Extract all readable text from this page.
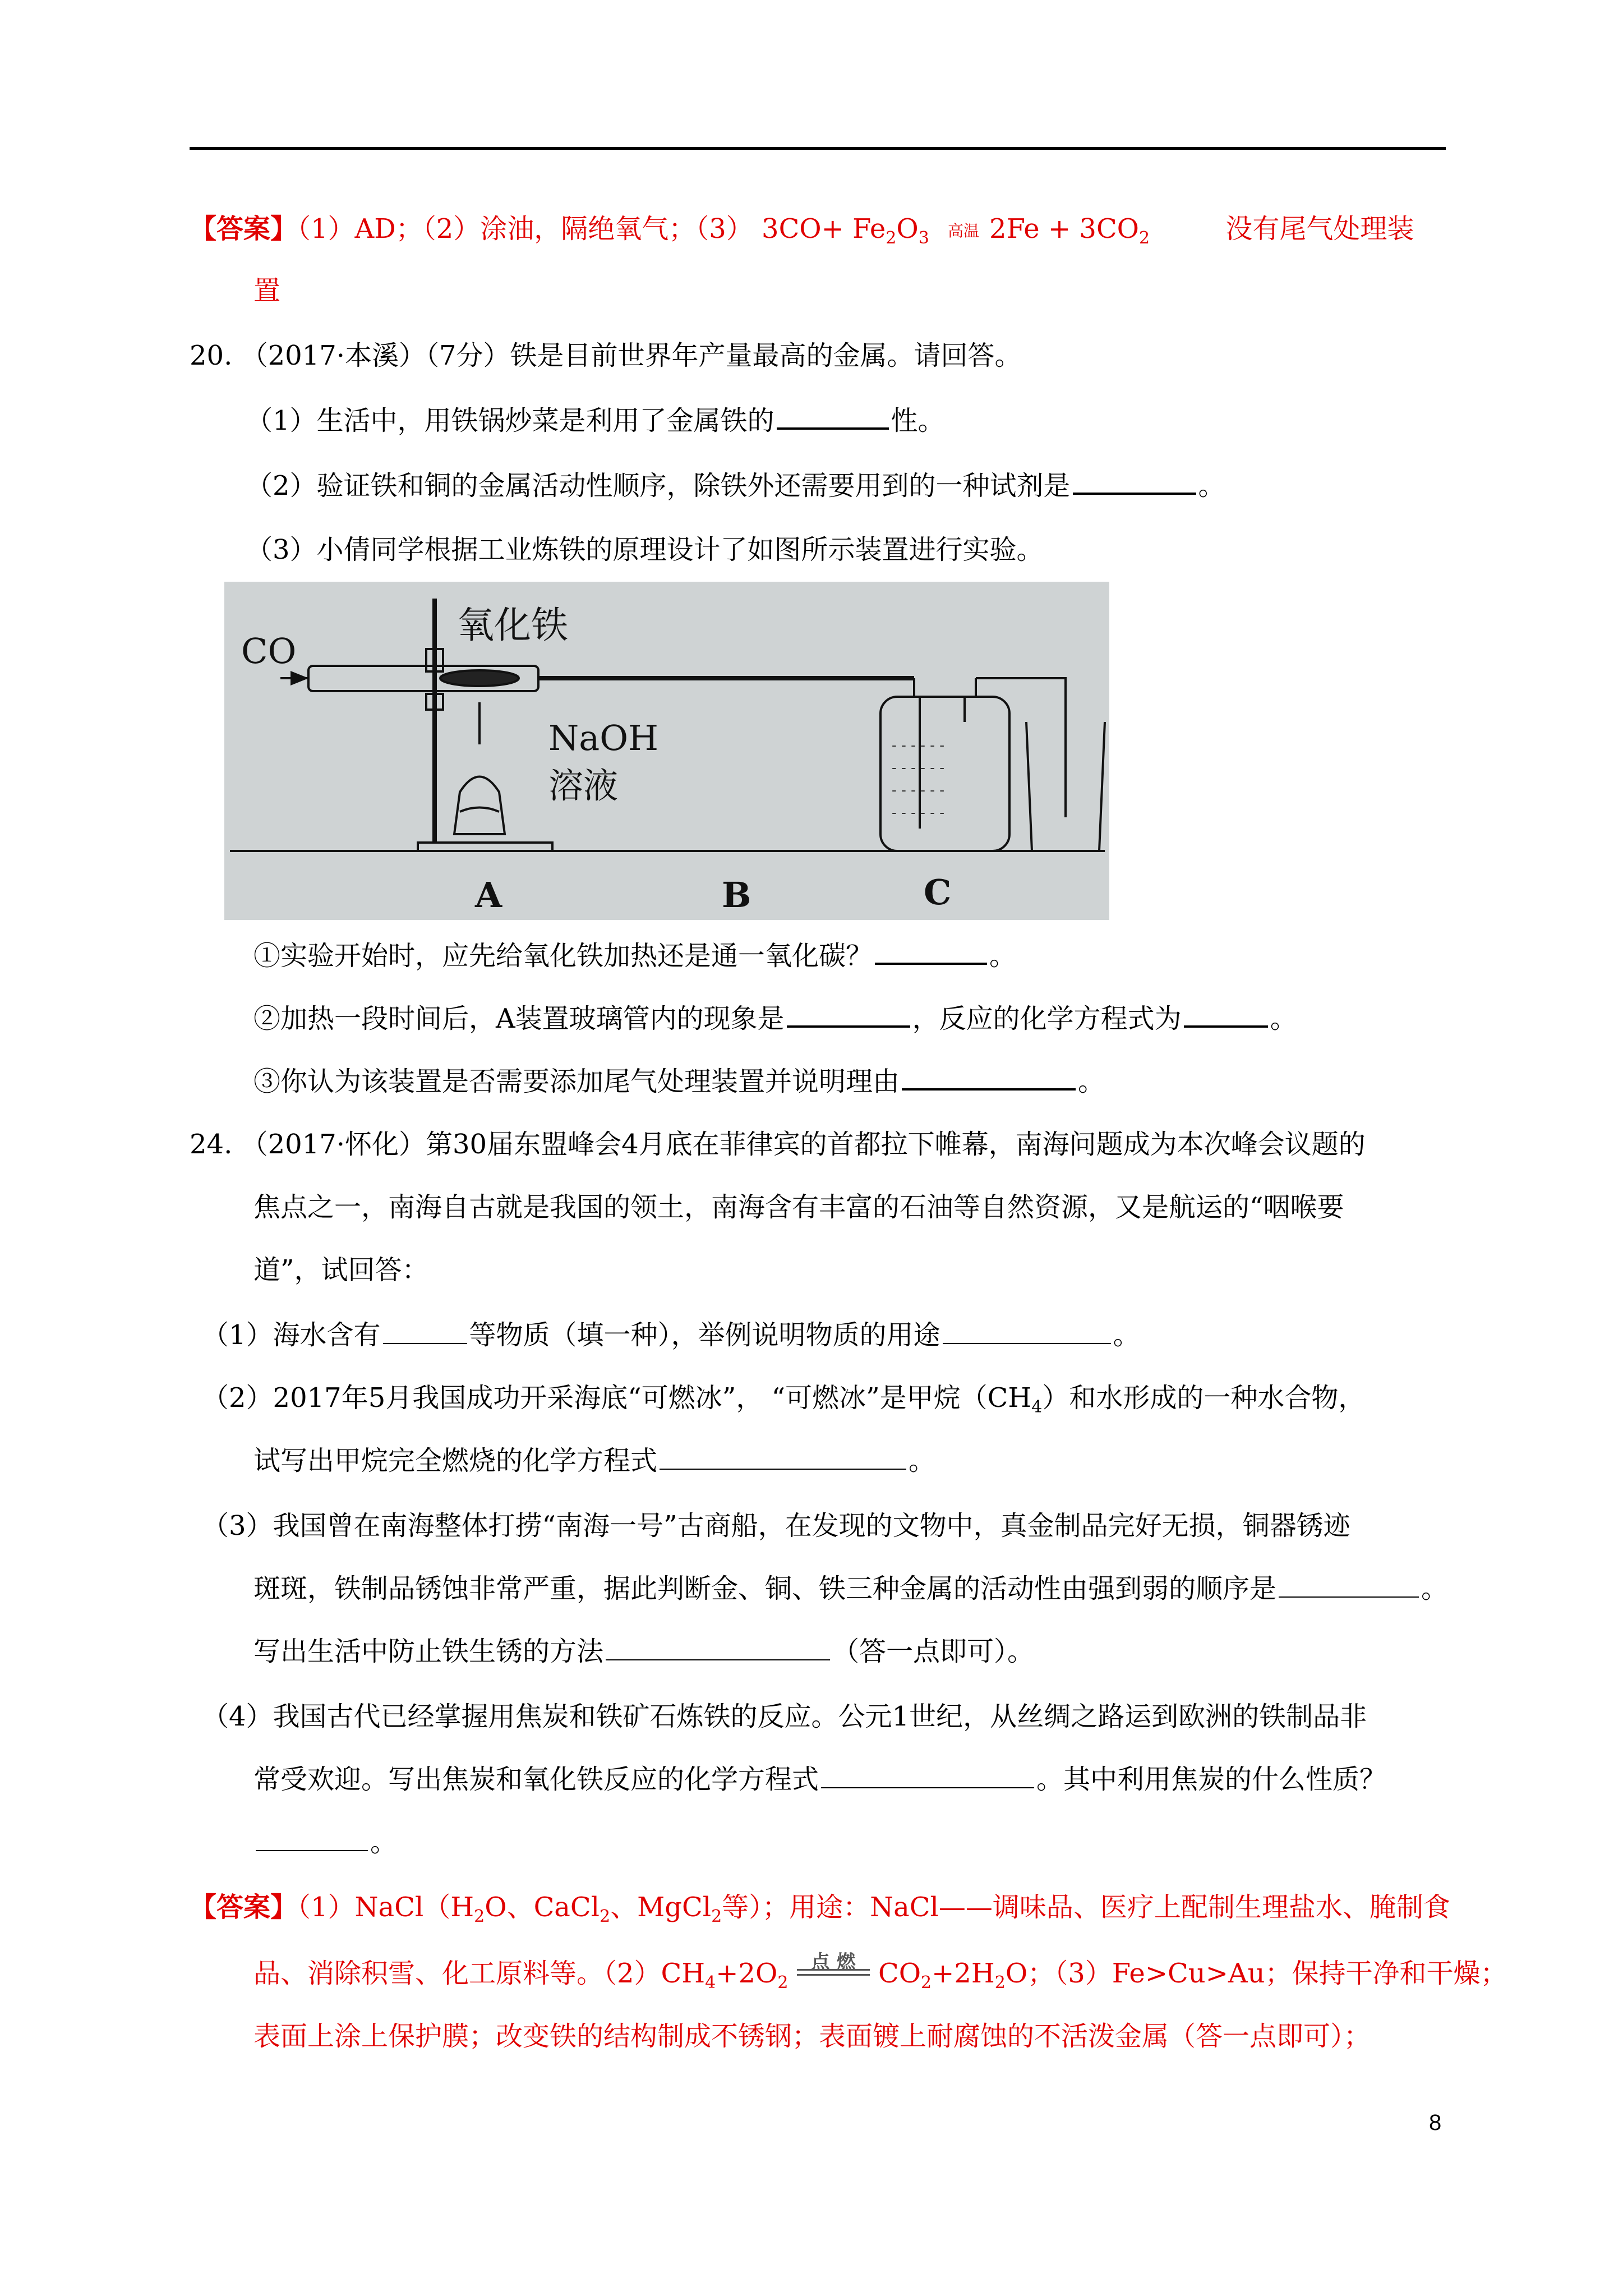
【答案】（1）AD；（2）涂油，隔绝氧气；（3） $3CO+ Fe_2O_3$	高温 $2Fe + 3CO_2$	没有尾气处理装
置
20. （2017·本溪）（7分）铁是目前世界年产量最高的金属。请回答。
（1）生活中，用铁锅炒菜是利用了金属铁的	性。
（2）验证铁和铜的金属活动性顺序，除铁外还需要用到的一种试剂是	。
（3）小倩同学根据工业炼铁的原理设计了如图所示装置进行实验。
- - - - - -
- - - - - -
- - - - - -
- - - - - -
CO
氧化铁
NaOH
溶液
A	B	C
①实验开始时，应先给氧化铁加热还是通一氧化碳？	。
②加热一段时间后，A装置玻璃管内的现象是	，反应的化学方程式为	。
③你认为该装置是否需要添加尾气处理装置并说明理由	。
24. （2017·怀化）第30届东盟峰会4月底在菲律宾的首都拉下帷幕，南海问题成为本次峰会议题的
焦点之一，南海自古就是我国的领土，南海含有丰富的石油等自然资源，又是航运的“咽喉要
道”，试回答：
（1）海水含有	等物质（填一种），举例说明物质的用途	。
（2）2017年5月我国成功开采海底“可燃冰”， “可燃冰”是甲烷$(CH_4)$和水形成的一种水合物，
试写出甲烷完全燃烧的化学方程式	。
（3）我国曾在南海整体打捞“南海一号”古商船，在发现的文物中，真金制品完好无损，铜器锈迹
斑斑，铁制品锈蚀非常严重，据此判断金、铜、铁三种金属的活动性由强到弱的顺序是	。
写出生活中防止铁生锈的方法	（答一点即可）。
（4）我国古代已经掌握用焦炭和铁矿石炼铁的反应。公元1世纪，从丝绸之路运到欧洲的铁制品非
常受欢迎。写出焦炭和氧化铁反应的化学方程式	。其中利用焦炭的什么性质？
。
【答案】$(1)NaCl(H_2O$、CaCl$_2$、MgCl$_2$等）；用途：NaCl——调味品、医疗上配制生理盐水、腌制食
品、消除积雪、化工原料等。$(2)CH_4+2O_2$
点 燃 $CO_2+2H_2O$；（3）Fe>Cu>Au；保持干净和干燥；
表面上涂上保护膜；改变铁的结构制成不锈钢；表面镀上耐腐蚀的不活泼金属（答一点即可）；
8
